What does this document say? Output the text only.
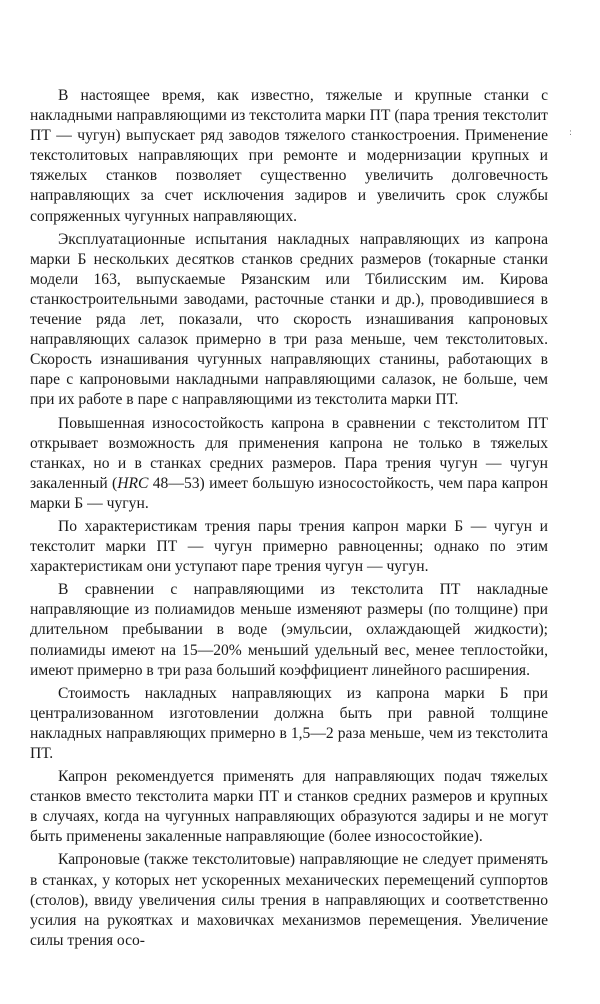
:

В настоящее время, как известно, тяжелые и крупные станки с накладными направляющими из текстолита марки ПТ (пара трения текстолит ПТ — чугун) выпускает ряд заводов тяжелого станкостроения. Применение текстолитовых направляющих при ремонте и модернизации крупных и тяжелых станков позволяет существенно увеличить долговечность направляющих за счет исключения задиров и увеличить срок службы сопряженных чугунных направляющих.

Эксплуатационные испытания накладных направляющих из капрона марки Б нескольких десятков станков средних размеров (токарные станки модели 163, выпускаемые Рязанским или Тбилисским им. Кирова станкостроительными заводами, расточные станки и др.), проводившиеся в течение ряда лет, показали, что скорость изнашивания капроновых направляющих салазок примерно в три раза меньше, чем текстолитовых. Скорость изнашивания чугунных направляющих станины, работающих в паре с капроновыми накладными направляющими салазок, не больше, чем при их работе в паре с направляющими из текстолита марки ПТ.

Повышенная износостойкость капрона в сравнении с текстолитом ПТ открывает возможность для применения капрона не только в тяжелых станках, но и в станках средних размеров. Пара трения чугун — чугун закаленный (HRC 48—53) имеет большую износостойкость, чем пара капрон марки Б — чугун.

По характеристикам трения пары трения капрон марки Б — чугун и текстолит марки ПТ — чугун примерно равноценны; однако по этим характеристикам они уступают паре трения чугун — чугун.

В сравнении с направляющими из текстолита ПТ накладные направляющие из полиамидов меньше изменяют размеры (по толщине) при длительном пребывании в воде (эмульсии, охлаждающей жидкости); полиамиды имеют на 15—20% меньший удельный вес, менее теплостойки, имеют примерно в три раза больший коэффициент линейного расширения.

Стоимость накладных направляющих из капрона марки Б при централизованном изготовлении должна быть при равной толщине накладных направляющих примерно в 1,5—2 раза меньше, чем из текстолита ПТ.

Капрон рекомендуется применять для направляющих подач тяжелых станков вместо текстолита марки ПТ и станков средних размеров и крупных в случаях, когда на чугунных направляющих образуются задиры и не могут быть применены закаленные направляющие (более износостойкие).

Капроновые (также текстолитовые) направляющие не следует применять в станках, у которых нет ускоренных механических перемещений суппортов (столов), ввиду увеличения силы трения в направляющих и соответственно усилия на рукоятках и маховичках механизмов перемещения. Увеличение силы трения осо-
